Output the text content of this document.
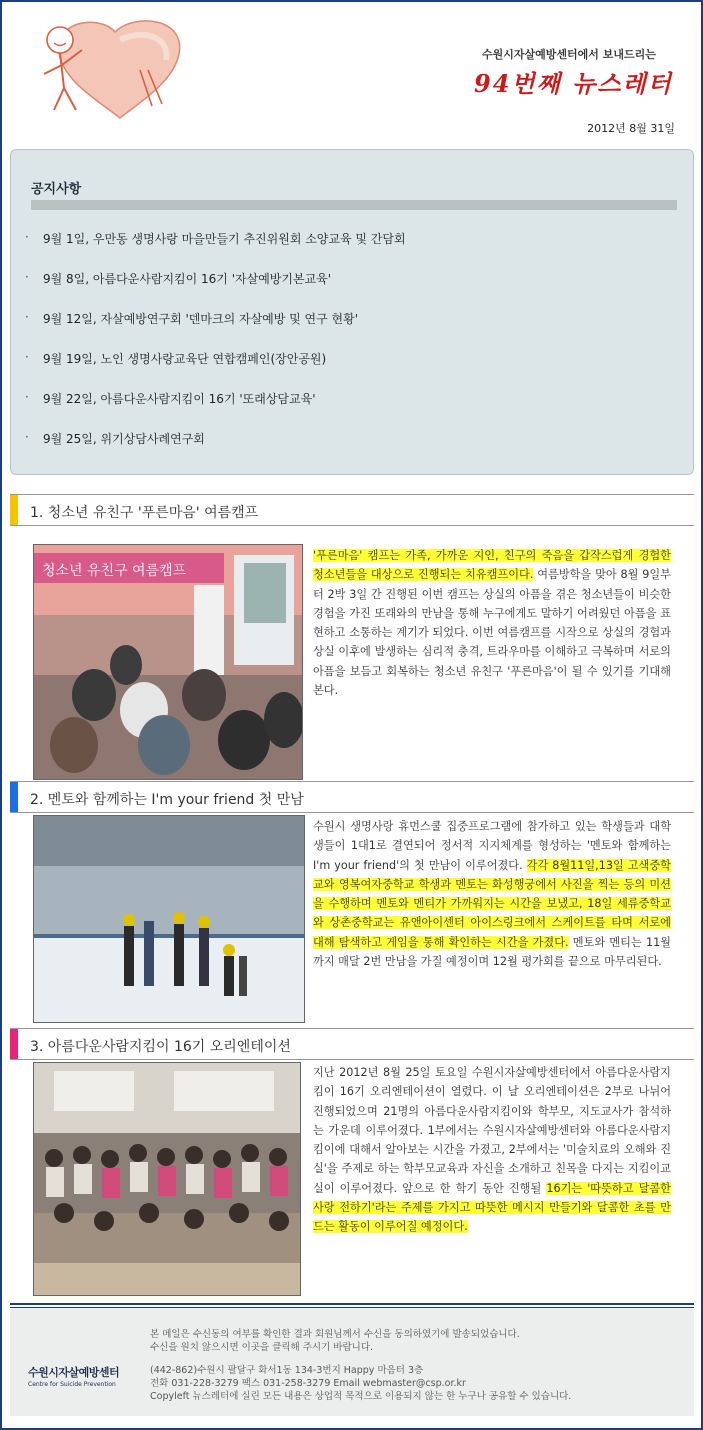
수원시자살예방센터에서 보내드리는
94번째 뉴스레터
2012년 8월 31일
공지사항
·	9월 1일, 우만동 생명사랑 마을만들기 추진위원회 소양교육 및 간담회
·	9월 8일, 아름다운사람지킴이 16기 '자살예방기본교육'
·	9월 12일, 자살예방연구회 '덴마크의 자살예방 및 연구 현황'
·	9월 19일, 노인 생명사랑교육단 연합캠페인(장안공원)
·	9월 22일, 아름다운사람지킴이 16기 '또래상담교육'
·	9월 25일, 위기상담사례연구회
1. 청소년 유친구 '푸른마음' 여름캠프
청소년 유친구 여름캠프
'푸른마음' 캠프는 가족, 가까운 지인, 친구의 죽음을 갑작스럽게 경험한 청소년들을 대상으로 진행되는 치유캠프이다. 여름방학을 맞아 8월 9일부터 2박 3일 간 진행된 이번 캠프는 상실의 아픔을 겪은 청소년들이 비슷한 경험을 가진 또래와의 만남을 통해 누구에게도 말하기 어려웠던 아픔을 표현하고 소통하는 계기가 되었다. 이번 여름캠프를 시작으로 상실의 경험과 상실 이후에 발생하는 심리적 충격, 트라우마를 이해하고 극복하며 서로의 아픔을 보듬고 회복하는 청소년 유친구 '푸른마음'이 될 수 있기를 기대해 본다.
2. 멘토와 함께하는 I'm your friend 첫 만남
수원시 생명사랑 휴먼스쿨 집중프로그램에 참가하고 있는 학생들과 대학생들이 1대1로 결연되어 정서적 지지체계를 형성하는 '멘토와 함께하는 I'm your friend'의 첫 만남이 이루어졌다. 각각 8월11일,13일 고색중학교와 영복여자중학교 학생과 멘토는 화성행궁에서 사진을 찍는 등의 미션을 수행하며 멘토와 멘티가 가까워지는 시간을 보냈고, 18일 세류중학교와 상촌중학교는 유앤아이센터 아이스링크에서 스케이트를 타며 서로에 대해 탐색하고 게임을 통해 확인하는 시간을 가졌다. 멘토와 멘티는 11월까지 매달 2번 만남을 가질 예정이며 12월 평가회를 끝으로 마무리된다.
3. 아름다운사람지킴이 16기 오리엔테이션
지난 2012년 8월 25일 토요일 수원시자살예방센터에서 아름다운사람지킴이 16기 오리엔테이션이 열렸다. 이 날 오리엔테이션은 2부로 나뉘어 진행되었으며 21명의 아름다운사람지킴이와 학부모, 지도교사가 참석하는 가운데 이루어졌다. 1부에서는 수원시자살예방센터와 아름다운사람지킴이에 대해서 알아보는 시간을 가졌고, 2부에서는 '미술치료의 오해와 진실'을 주제로 하는 학부모교육과 자신을 소개하고 친목을 다지는 지킴이교실이 이루어졌다. 앞으로 한 학기 동안 진행될 16기는 '따뜻하고 달콤한 사랑 전하기'라는 주제를 가지고 따뜻한 메시지 만들기와 달콤한 초를 만드는 활동이 이루어질 예정이다.
수원시자살예방센터
Centre for Suicide Prevention
본 메일은 수신동의 여부를 확인한 결과 회원님께서 수신을 동의하였기에 발송되었습니다.
수신을 원치 않으시면 이곳을 클릭해 주시기 바랍니다.
(442-862)수원시 팔달구 화서1동 134-3번지 Happy 마음터 3층
전화 031-228-3279 팩스 031-258-3279 Email webmaster@csp.or.kr
Copyleft 뉴스레터에 실린 모든 내용은 상업적 목적으로 이용되지 않는 한 누구나 공유할 수 있습니다.
